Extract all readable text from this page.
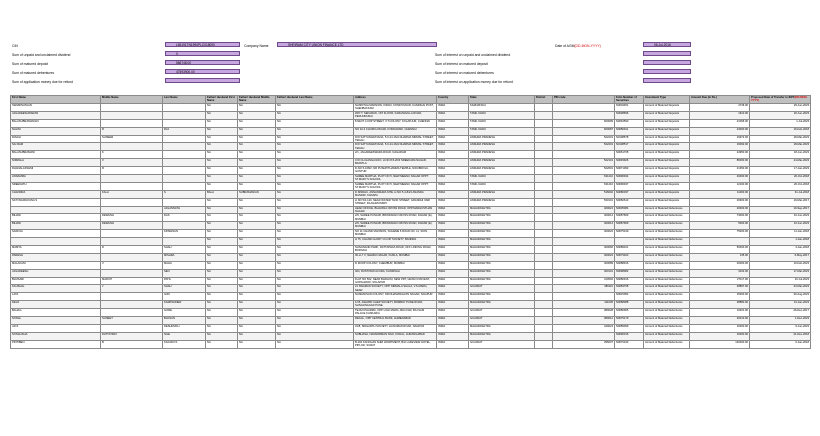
CIN	L65191TN1990PLC018090	Company Name	SHRIRAM CITY UNION FINANCE LTD	Date of AGM(DD-MON-YYYY)	06-Jul-2016
Sum of unpaid and unclaimed dividend	0
Sum of matured deposit	586748.00
Sum of matured debentures	47593900.00
Sum of application money due for refund
Sum of interest on unpaid and unclaimed dividend
Sum of interest on matured deposit
Sum of interest on matured debentures
Sum of interest on application money due for refund
First Name	Middle Name	Last Name	Father/ Husband First Name	Father/ Husband Middle Name	Father/ Husband Last Name	Address	Country	State	District	PIN code	Folio Number of Securities	Investment Type	Amount Due (in Rs.)	Proposed Date of Transfer to IEPF(DD-MON-YYYY)
SWAMINATHAN			NA	NA	NA	NANDITHA MANSION, KIRAN, KONDIYANUR, KANDIGAI POST, SHENBAKKAM	INDIA	KARNATAKA			N0004451	Amount of Matured Deposits	4746.00	29-Jun-2023
JAGADEESHWARAN			NA	NA	NA	W/O T. SEKARAN, 1ST FLOOR, KARANAVILLA ROAD, PERUNDURAI	INDIA	TAMIL NADU			N0008696	Amount of Matured Deposits	1610.00	20-Jun-2023
BALASUBRAMANIAN			NA	NA	NA	8 NEXT LOOP STREET, V.T.COLONY, KOLATHUR, CHENNAI	INDIA	TAMIL NADU		600099	N0094590	Amount of Matured Deposits	21066.00	1-Jul-2023
NALINI	R	RAJ	NA	NA	NA	NO 10-4 CHURCH ROAD, KONDAVADI, CHENNAI	INDIA	TAMIL NADU		600087	N0080911	Amount of Matured Deposits	24000.00	16-Feb-2018
RAVALI	SUNEER		NA	NA	NA	D/O SATYANARAYANA, 5-6-24-16/A DHARMA NIRMAL STREET, TENALI	INDIA	ANDHRA PRADESH		522201	N0108578	Amount of Matured Deposits	19372.00	18-Mar-2023
SAI RAM			NA	NA	NA	D/O SATYANARAYANA, 5-6-24-16/A DHARMA NIRMAL STREET, TENALI	INDIA	ANDHRA PRADESH		522201	N0108517	Amount of Matured Deposits	16092.00	18-Mar-2023
BALASUBRAMANI	K		NA	NA	NA	2/1, JAGADEESWARA ROAD, NAGARAM	INDIA	ANDHRA PRADESH			N0061708	Amount of Matured Deposits	24950.00	18-Jun-2023
NIRMALA	V		NA	NA	NA	C/O CH.GANGA RAO, H.NO.8-5-20/3 SREEKARA NAGAR, BAPATLA	INDIA	ANDHRA PRADESH		522101	N0093926	Amount of Matured Deposits	86000.00	24-Mar-2023
DHANALAKSHMI	R		NA	NA	NA	D-NO 5-168/2, NR PUSHPITHAMMA TEMPLE, NIDUBROLU, GUNTUR	INDIA	ANDHRA PRADESH		522601	N0071093	Amount of Matured Deposits	21350.00	17-Jan-2023
ANNAMMA			NA	NA	NA	SHREE MARTHA, PLOT NO 5, NEW MEENU NAGAR OPPT. ST.MARY'S SCHOOL	INDIA	TAMIL NADU		631210	N0090494	Amount of Matured Deposits	40000.00	20-Oct-2018
SREENATH			NA	NA	NA	SHREE MARTHA, PLOT NO 5, NEW MEENU NAGAR OPPT. ST.MARY'S SCHOOL	INDIA	TAMIL NADU		631210	N0090497	Amount of Matured Deposits	12100.00	20-Oct-2018
CHANDRA	KALA	S	BALA	SUBRAMANIAN	NA	D.SINDHU, ANNANDHRA SITE, H.NO.5-4-84/4 ANANDA MANDIR, KADAPA	INDIA	ANDHRA PRADESH		516002	N0080037	Amount of Matured Deposits	11000.00	31-Jul-2018
SATYANARAYANA S			NA	NA	NA	H NO 5/4-120, NEAR WATER TANK STREET, GRANDHI VARI STREET, RAJAHMUNDRY	INDIA	ANDHRA PRADESH		533101	N0082613	Amount of Matured Deposits	29300.00	19-Mar-2017
		JAGANNATH	NA	NA	NA	HEAD OFFICE, BHAVANA CROSS ROAD, OPP.MADHUSTHAN NAGAR	INDIA	MAHARASHTRA		400024	N0035384	Amount of Matured Debentures	20000.00	19-Sep-2017
BIHANI	DEWANG	DAS	NA	NA	NA	2/9, SHREE PUNJAB, BRINDAVAN CROSS ROAD, DADAR (E), MUMBAI	INDIA	MAHARASHTRA		400014	N0087669	Amount of Matured Debentures	73000.00	10-Jun-2023
BIHANI	DEWANG		NA	NA	NA	2/9, SHREE PUNJAB, BRINDAVAN CROSS ROAD, DADAR (E), MUMBAI	INDIA	MAHARASHTRA		400014	N0087669	Amount of Matured Debentures	5000.00	10-Jun-2023
SAROJA		KRISHNAN	NA	NA	NA	NO 11 CHAND MANSION, SCHEME 6 ROAD NO. 11, SION, MUMBAI	INDIA	MAHARASHTRA		400022	N0075019	Amount of Matured Debentures	75000.00	11-Jan-2018
			NA	NA	NA	H 75, CHAND GLORY CO-OP SOCIETY, BANDRA	INDIA	MAHARASHTRA				Amount of Matured Debentures		1-Jan-2018
MAMTA	D	SHAH	NA	NA	NA	SHIVANAND PARK, DATTAPADA ROAD, OFF LINKING ROAD, BORIVALI	INDIA	MAHARASHTRA		400066	N0089161	Amount of Matured Debentures	50000.00	3-Jan-2018
PARESH		MISHRA	NA	NA	NA	30-H-7 X, NEHRU NAGAR, KURLA, MUMBAI	INDIA	MAHARASHTRA		400024	N0073323	Amount of Matured Debentures	135.00	6-May-2017
MALAKANI	V	MAHA	NA	NA	NA	D ROOP COLONY, CHEMBUR, MUMBAI	INDIA	MAHARASHTRA		400089	N0088916	Amount of Matured Debentures	40000.00	10-Feb-2023
JAGADEESH		SEN	NA	NA	NA	404, RUSTOMJI ACURA, KANDIVALI	INDIA	MAHARASHTRA		400101	N0098082	Amount of Matured Debentures	3102.00	17-Mar-2023
BHUSARI	MARUTI	PATIL	NA	NA	NA	FLAT NO 502, NEAR BHAVANI, NEW PRT, GRAM CONVENT, GOPALWADI, SOLAPUR	INDIA	MAHARASHTRA		410502	N0080916	Amount of Matured Debentures	27117.00	10-Jul-2023
KAUSHAL	J	SHAH	NA	NA	NA	21 SWAMAN SOCIETY, OPP NIRMALA SHALA, V.S.MARG, NEAR	INDIA	GUJARAT		380110	N0083768	Amount of Matured Debentures	48897.00	23-Mar-2023
LATA		GIRI	NA	NA	NA	NANDANVAN COLONY, NR DHAMANGAON NAGAR, NAGPUR	INDIA	MAHARASHTRA			N0015054	Amount of Matured Debentures	15000.00	30-Aug-2023
DEVA		KARIPANNER	NA	NA	NA	1/15, ASHWIN CHEP SOCIETY, BOMBAY PUNE ROAD, SHIVAJINAGAR PUNE	INDIA	MAHARASHTRA		411005	N0088088	Amount of Matured Debentures	28880.00	31-Jan-2023
BAHAG		GORE	NA	NA	NA	TEJAN PHARMA, OPP LOHI MARG, BLD-FAR, B/H SAM PALACE KANKARIA	INDIA	GUJARAT		380028	N0080905	Amount of Matured Debentures	10001.00	26-Dec-2017
SONAL	SUNEET	BHOJAN	NA	NA	NA	REGAL, OPP CENTRAL BANK, AHMEDABAD	INDIA	GUJARAT		380012	N0076179	Amount of Matured Debentures	20410.00	1-Dec-2023
JAYA		DESHMUKH	NA	NA	NA	31/8, SIDHARTH SOCIETY, HANUMAN ROAD, NAGPUR	INDIA	MAHARASHTRA		440024	N0089099	Amount of Matured Debentures	10000.00	9-Jun-2023
SONALIKHA	DATTATRAY	NILE	NA	NA	NA	SUBHASH, NAVANIRMAN NGO, KODAL, AURANGABAD	INDIA	MAHARASHTRA			N0090316	Amount of Matured Debentures	10000.00	21-Dec-2018
PRITIBEN	B	KAKADIYA	NA	NA	NA	B-202 KANCHAN SHRI APARTMENT, B/H LAKEVIEW HOTEL, PIPLOD, SURAT	INDIA	GUJARAT		395007	N0070193	Amount of Matured Debentures	140000.00	6-Jan-2018
